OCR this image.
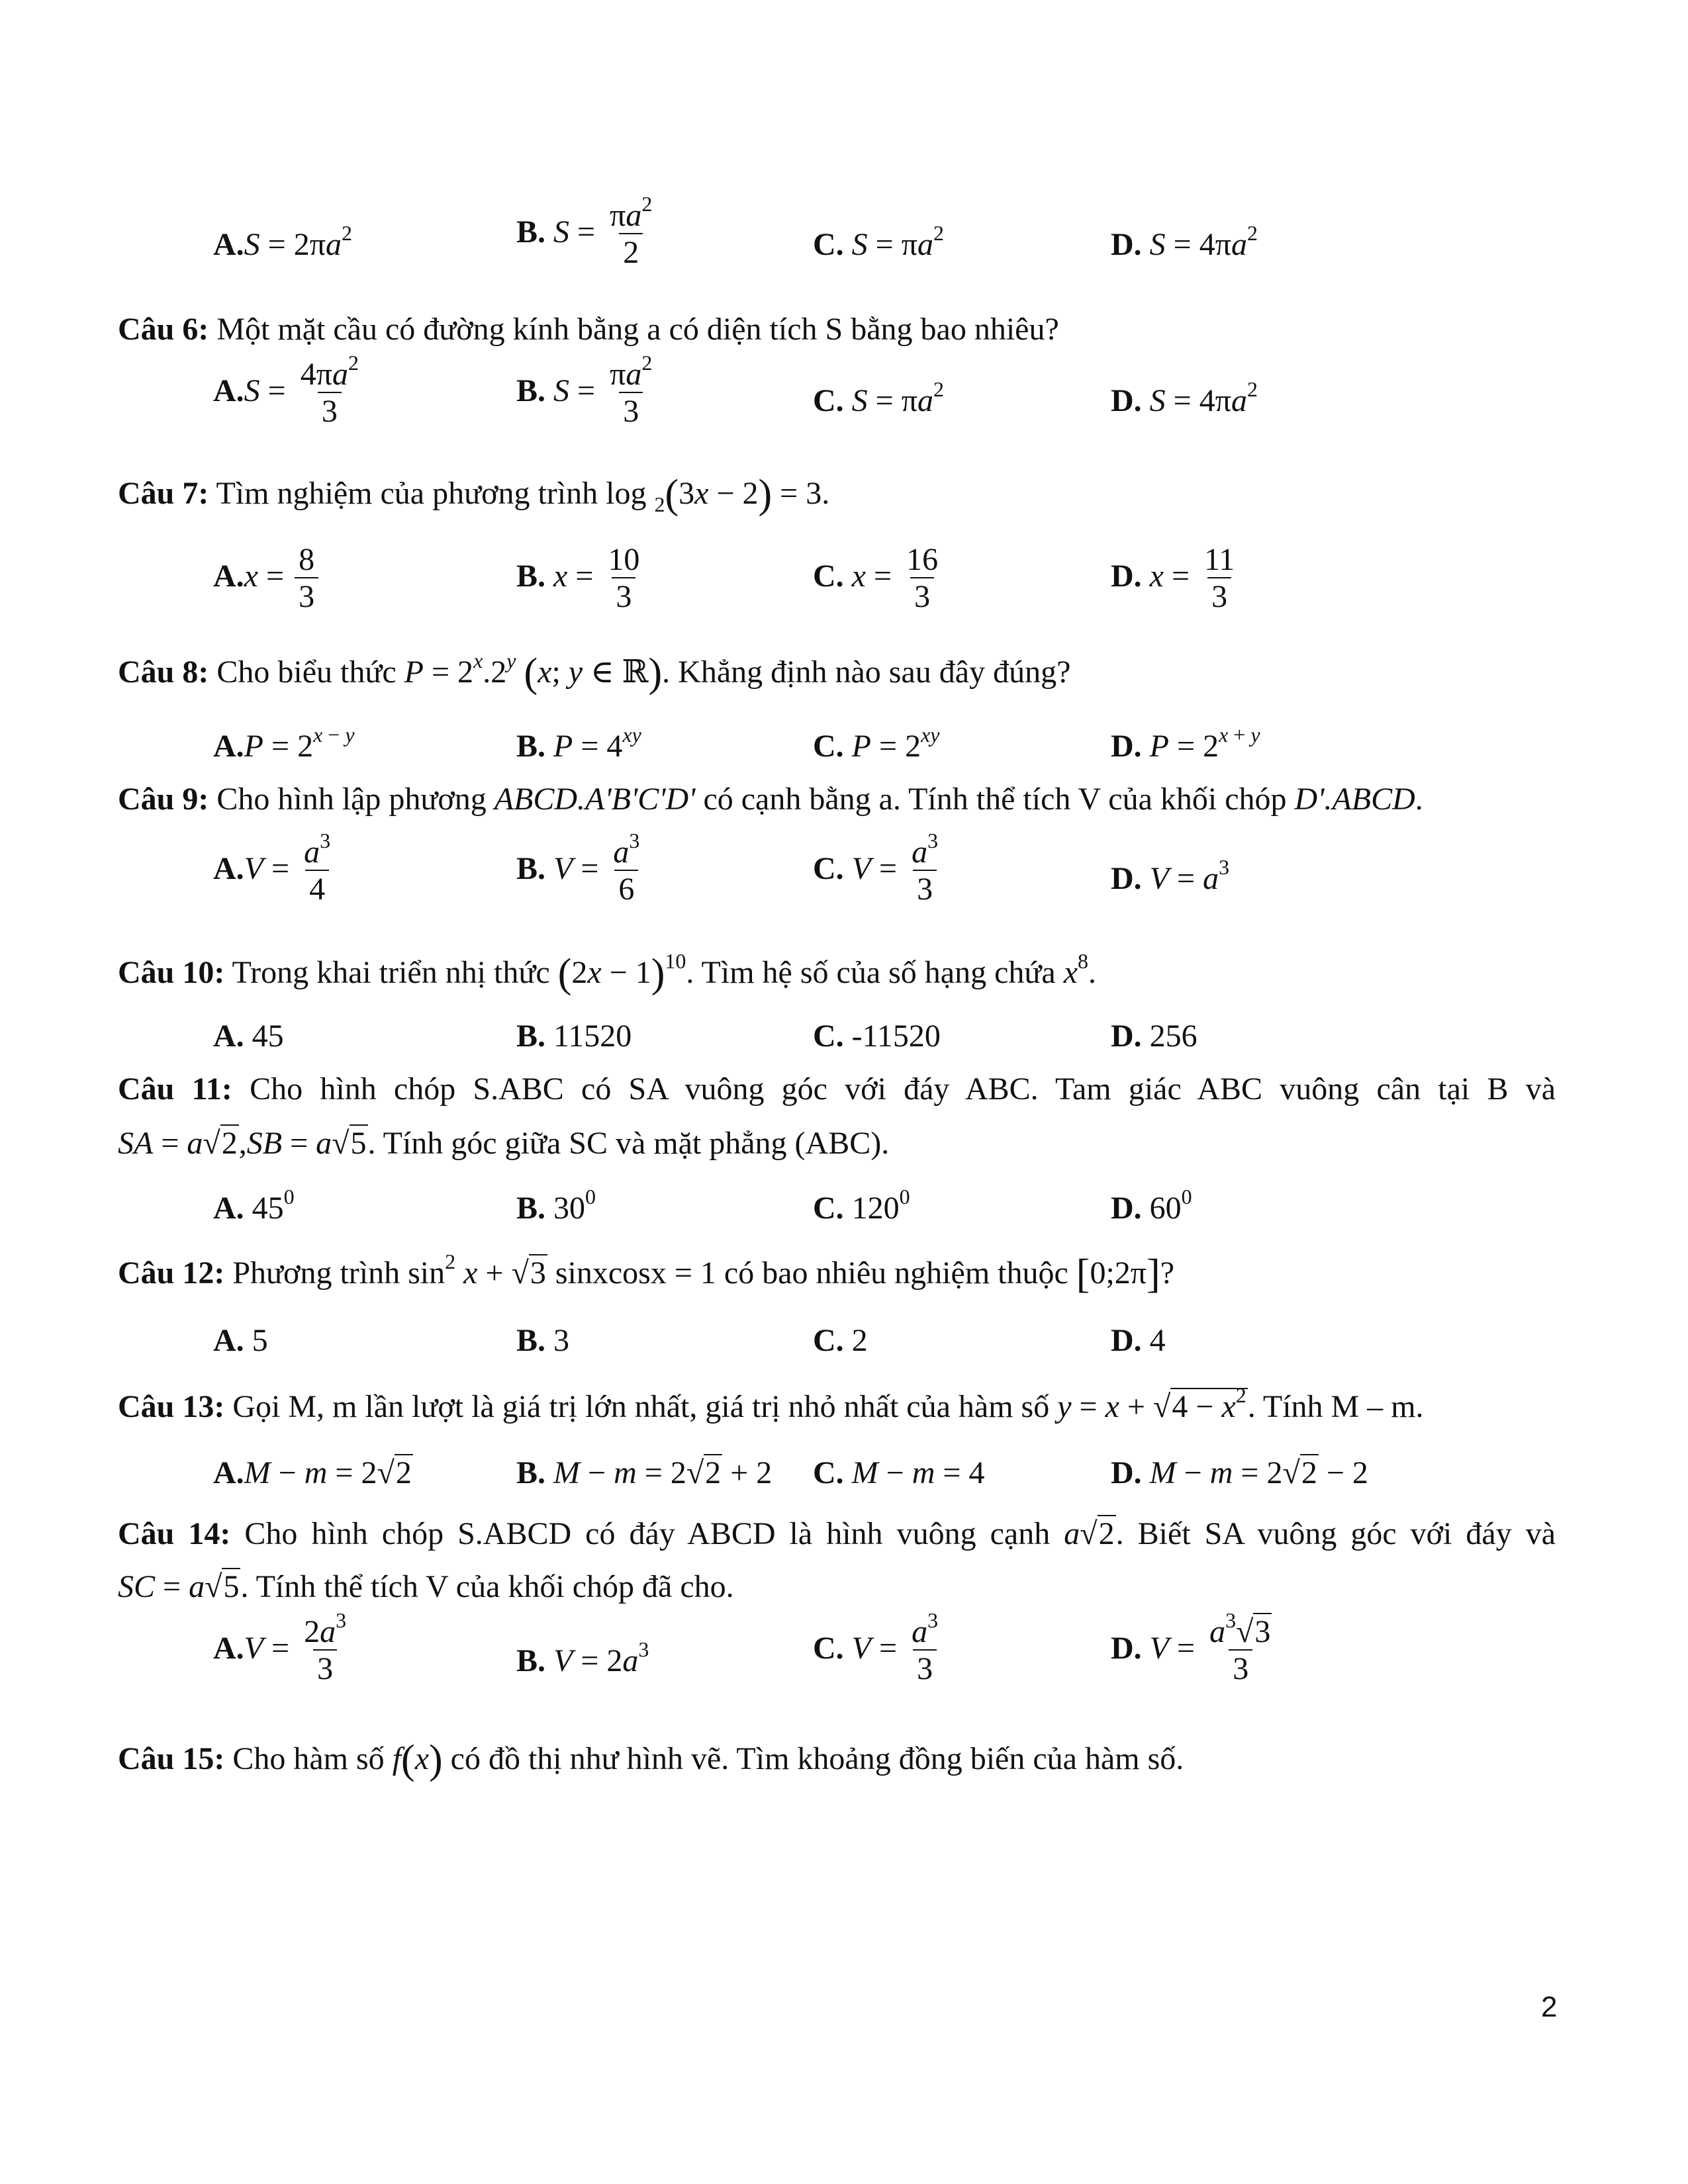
$A.S = 2\pi a^2$	B. $S = \frac{\pi a^2}{2}$	C. $S = \pi a^2$	D. $S = 4\pi a^2$
Câu 6: Một mặt cầu có đường kính bằng a có diện tích S bằng bao nhiêu?
$A.S = \frac{4\pi a^2}{3}$	B. $S = \frac{\pi a^2}{3}$	C. $S = \pi a^2$	D. $S = 4\pi a^2$
Câu 7: Tìm nghiệm của phương trình log $_2$(3x − 2) = 3.
$A.x = \frac{8}{3}$	B. $x = \frac{10}{3}$	C. $x = \frac{16}{3}$	D. $x = \frac{11}{3}$
Câu 8: Cho biểu thức $P = 2^x.2^y$ (x; y ∈ ℝ). Khẳng định nào sau đây đúng?
$A.P = 2^{x - y}$	B. $P = 4^{xy}$	C. $P = 2^{xy}$	D. $P = 2^{x + y}$
Câu 9: Cho hình lập phương ABCD.A'B'C'D' có cạnh bằng a. Tính thể tích V của khối chóp D'.ABCD.
$A.V = \frac{a^3}{4}$	B. $V = \frac{a^3}{6}$	C. $V = \frac{a^3}{3}$	D. $V = a^3$
Câu 10: Trong khai triển nhị thức $(2x - 1)^{10}$. Tìm hệ số của số hạng chứa $x^8$.
A. 45	B. 11520	C. -11520	D. 256
Câu 11: Cho hình chóp S.ABC có SA vuông góc với đáy ABC. Tam giác ABC vuông cân tại B và
SA = a√2,SB = a√5. Tính góc giữa SC và mặt phẳng (ABC).
A. $45^0$	B. $30^0$	C. $120^0$	D. $60^0$
Câu 12: Phương trình $\sin^2 x + √3$ sinxcosx = 1 có bao nhiêu nghiệm thuộc [0;2π]?
A. 5	B. 3	C. 2	D. 4
Câu 13: Gọi M, m lần lượt là giá trị lớn nhất, giá trị nhỏ nhất của hàm số $y = x + √4 - x^2$. Tính M – m.
A.M − m = 2√2	B. M − m = 2√2 + 2 C. M − m = 4	D. M − m = 2√2 − 2
Câu 14: Cho hình chóp S.ABCD có đáy ABCD là hình vuông cạnh a√2. Biết SA vuông góc với đáy và
SC = a√5. Tính thể tích V của khối chóp đã cho.
$A.V = \frac{2a^3}{3}$	B. $V = 2a^3$	C. $V = \frac{a^3}{3}$	D. $V = \frac{a^3√3}{3}$
Câu 15: Cho hàm số f(x) có đồ thị như hình vẽ. Tìm khoảng đồng biến của hàm số.
2
